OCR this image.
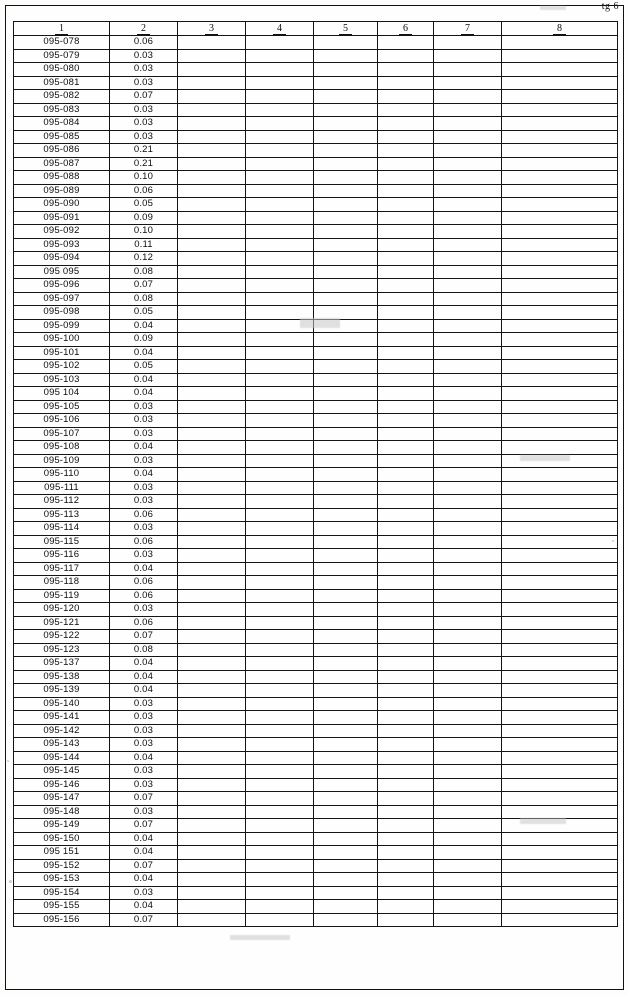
tg 6
1	2	3	4	5	6	7	8
095-078	0.06						
095-079	0.03						
095-080	0.03						
095-081	0.03						
095-082	0.07						
095-083	0.03						
095-084	0.03						
095-085	0.03						
095-086	0.21						
095-087	0.21						
095-088	0.10						
095-089	0.06						
095-090	0.05						
095-091	0.09						
095-092	0.10						
095-093	0.11						
095-094	0.12						
095 095	0.08						
095-096	0.07						
095-097	0.08						
095-098	0.05						
095-099	0.04						
095-100	0.09						
095-101	0.04						
095-102	0.05						
095-103	0.04						
095 104	0.04						
095-105	0.03						
095-106	0.03						
095-107	0.03						
095-108	0.04						
095-109	0.03						
095-110	0.04						
095-111	0.03						
095-112	0.03						
095-113	0.06						
095-114	0.03						
095-115	0.06						
095-116	0.03						
095-117	0.04						
095-118	0.06						
095-119	0.06						
095-120	0.03						
095-121	0.06						
095-122	0.07						
095-123	0.08						
095-137	0.04						
095-138	0.04						
095-139	0.04						
095-140	0.03						
095-141	0.03						
095-142	0.03						
095-143	0.03						
095-144	0.04						
095-145	0.03						
095-146	0.03						
095-147	0.07						
095-148	0.03						
095-149	0.07						
095-150	0.04						
095 151	0.04						
095-152	0.07						
095-153	0.04						
095-154	0.03						
095-155	0.04						
095-156	0.07						
